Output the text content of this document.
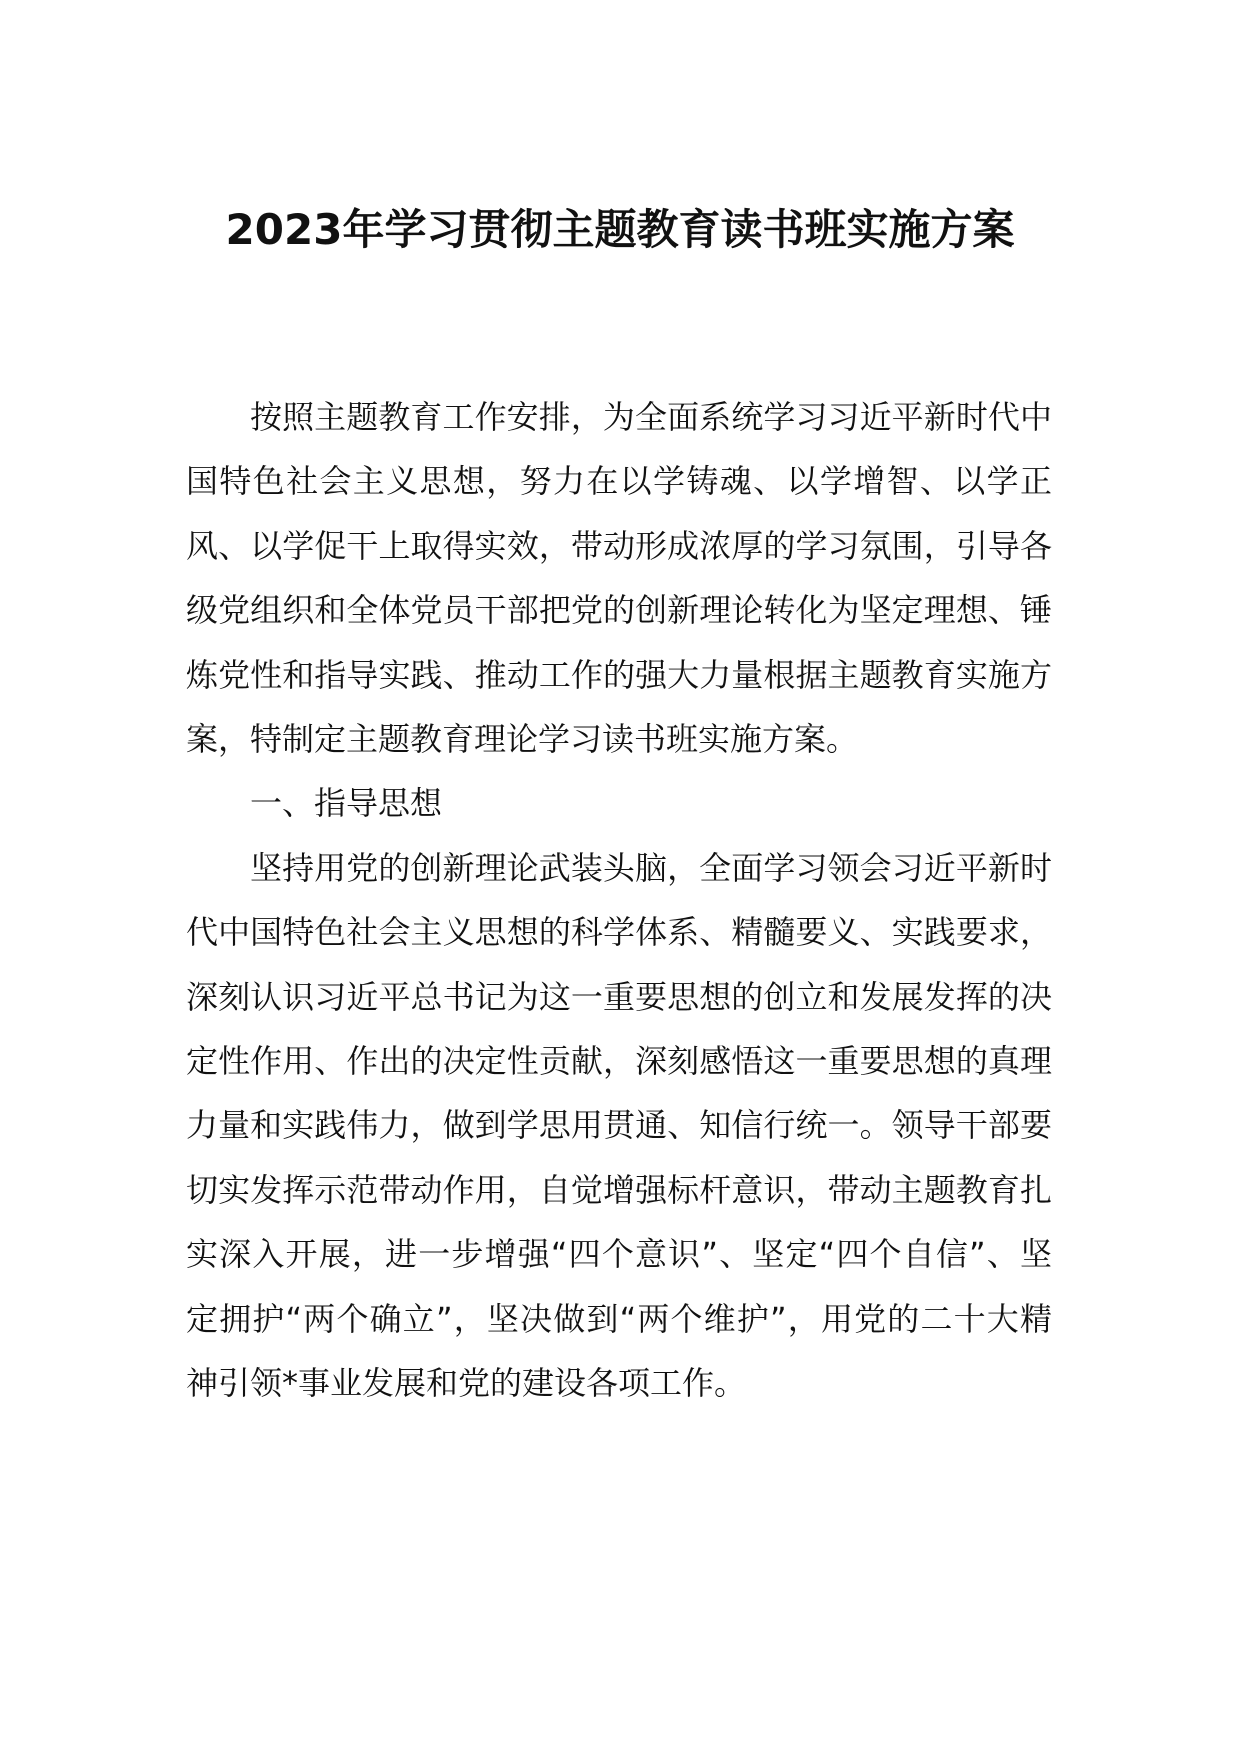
2023年学习贯彻主题教育读书班实施方案

按照主题教育工作安排，为全面系统学习习近平新时代中国特色社会主义思想，努力在以学铸魂、以学增智、以学正风、以学促干上取得实效，带动形成浓厚的学习氛围，引导各级党组织和全体党员干部把党的创新理论转化为坚定理想、锤炼党性和指导实践、推动工作的强大力量根据主题教育实施方案，特制定主题教育理论学习读书班实施方案。

一、指导思想

坚持用党的创新理论武装头脑，全面学习领会习近平新时代中国特色社会主义思想的科学体系、精髓要义、实践要求，深刻认识习近平总书记为这一重要思想的创立和发展发挥的决定性作用、作出的决定性贡献，深刻感悟这一重要思想的真理力量和实践伟力，做到学思用贯通、知信行统一。领导干部要切实发挥示范带动作用，自觉增强标杆意识，带动主题教育扎实深入开展，进一步增强“四个意识”、坚定“四个自信”、坚定拥护“两个确立”，坚决做到“两个维护”，用党的二十大精神引领*事业发展和党的建设各项工作。
